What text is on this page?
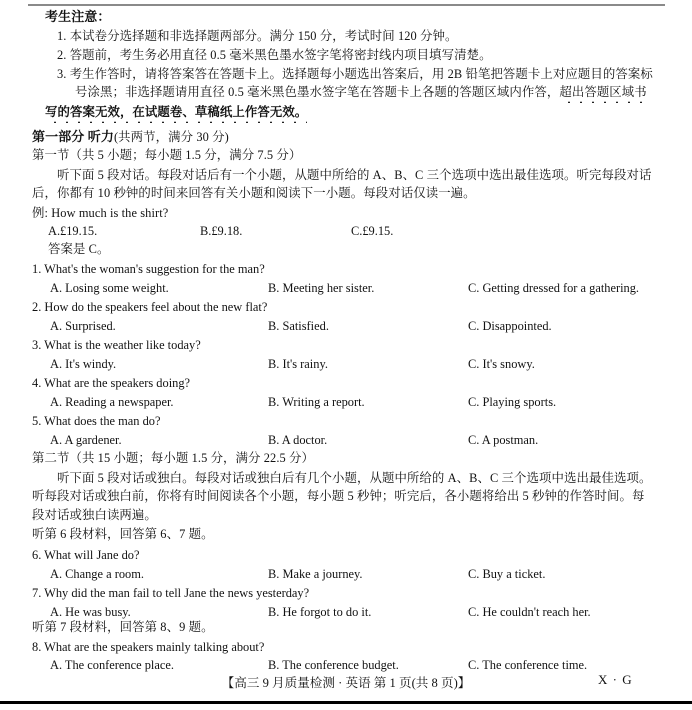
考生注意：
1. 本试卷分选择题和非选择题两部分。满分 150 分，考试时间 120 分钟。
2. 答题前，考生务必用直径 0.5 毫米黑色墨水签字笔将密封线内项目填写清楚。
3. 考生作答时，请将答案答在答题卡上。选择题每小题选出答案后，用 2B 铅笔把答题卡上对应题目的答案标
号涂黑；非选择题请用直径 0.5 毫米黑色墨水签字笔在答题卡上各题的答题区域内作答，超出答题区域书
写的答案无效，在试题卷、草稿纸上作答无效。
第一部分 听力(共两节，满分 30 分)
第一节（共 5 小题；每小题 1.5 分，满分 7.5 分）
听下面 5 段对话。每段对话后有一个小题，从题中所给的 A、B、C 三个选项中选出最佳选项。听完每段对话
后，你都有 10 秒钟的时间来回答有关小题和阅读下一小题。每段对话仅读一遍。
例: How much is the shirt?
A.£19.15.	B.£9.18.	C.£9.15.
答案是 C。
1. What's the woman's suggestion for the man?
A. Losing some weight.	B. Meeting her sister.	C. Getting dressed for a gathering.
2. How do the speakers feel about the new flat?
A. Surprised.	B. Satisfied.	C. Disappointed.
3. What is the weather like today?
A. It's windy.	B. It's rainy.	C. It's snowy.
4. What are the speakers doing?
A. Reading a newspaper.	B. Writing a report.	C. Playing sports.
5. What does the man do?
A. A gardener.	B. A doctor.	C. A postman.
第二节（共 15 小题；每小题 1.5 分，满分 22.5 分）
听下面 5 段对话或独白。每段对话或独白后有几个小题，从题中所给的 A、B、C 三个选项中选出最佳选项。
听每段对话或独白前，你将有时间阅读各个小题，每小题 5 秒钟；听完后，各小题将给出 5 秒钟的作答时间。每
段对话或独白读两遍。
听第 6 段材料，回答第 6、7 题。
6. What will Jane do?
A. Change a room.	B. Make a journey.	C. Buy a ticket.
7. Why did the man fail to tell Jane the news yesterday?
A. He was busy.	B. He forgot to do it.	C. He couldn't reach her.
听第 7 段材料，回答第 8、9 题。
8. What are the speakers mainly talking about?
A. The conference place.	B. The conference budget.	C. The conference time.
【高三 9 月质量检测 · 英语 第 1 页(共 8 页)】	X · G
